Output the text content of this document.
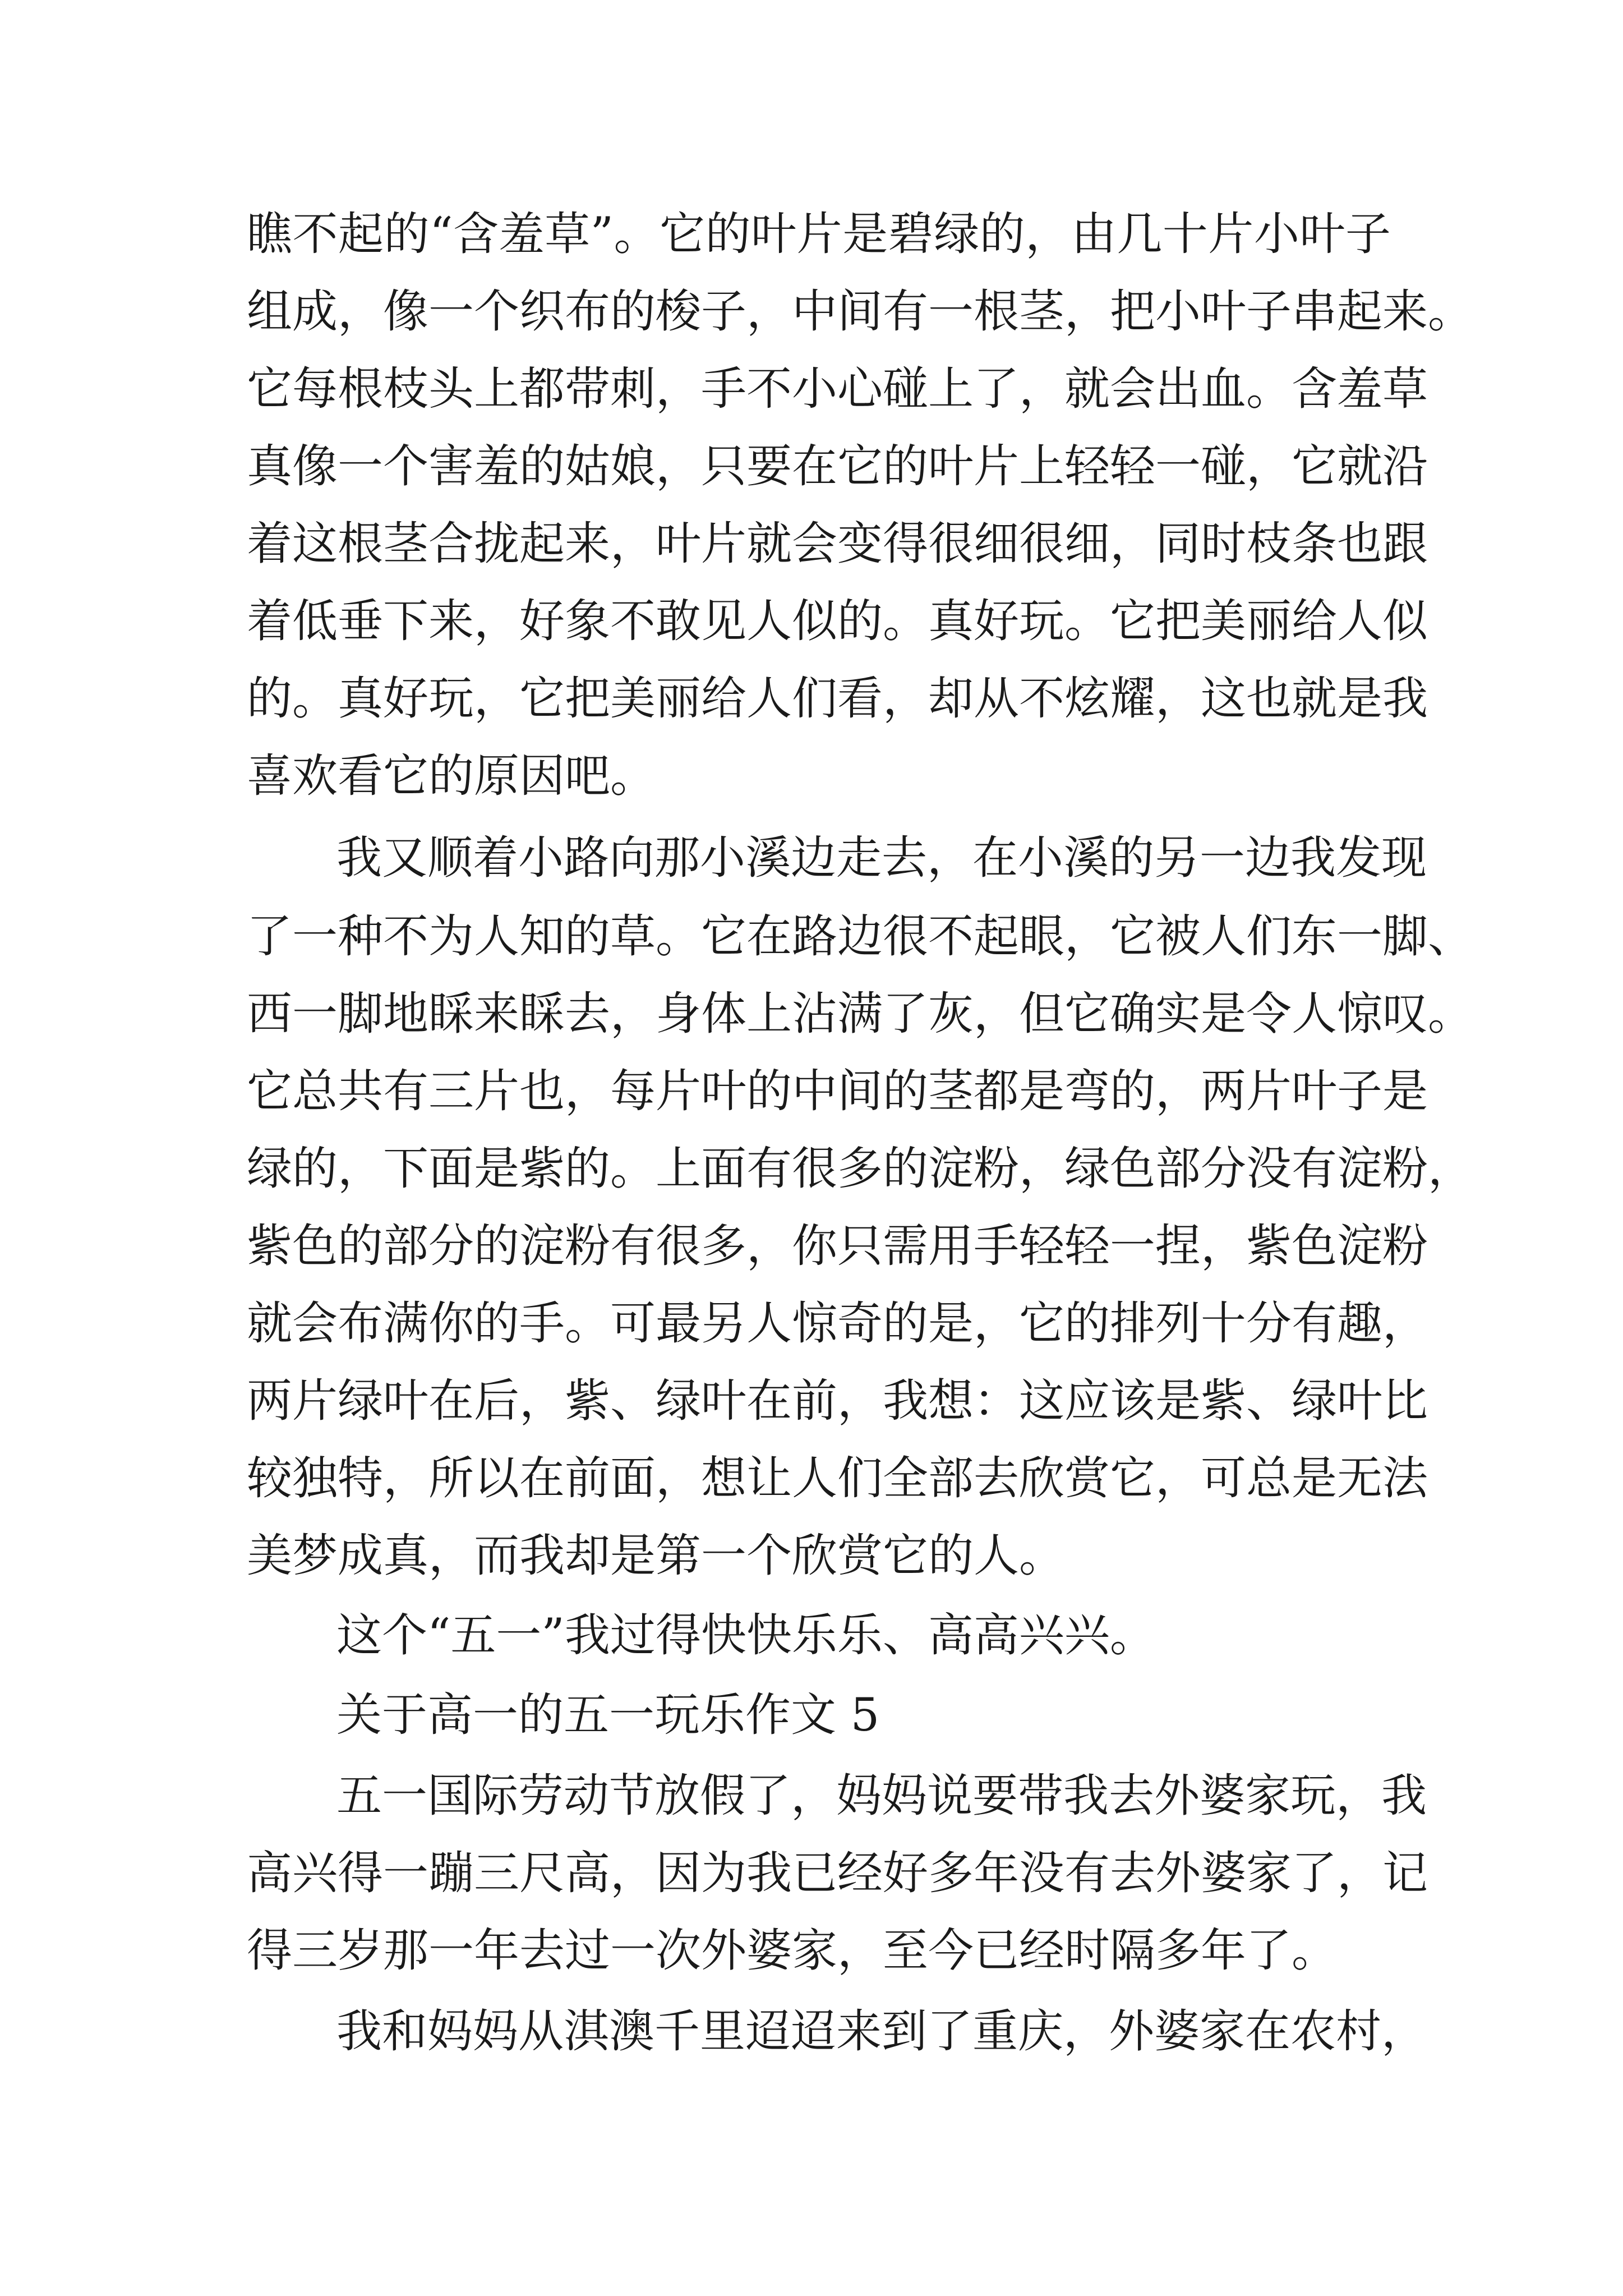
瞧不起的“含羞草”。它的叶片是碧绿的，由几十片小叶子
组成，像一个织布的梭子，中间有一根茎，把小叶子串起来。
它每根枝头上都带刺，手不小心碰上了，就会出血。含羞草
真像一个害羞的姑娘，只要在它的叶片上轻轻一碰，它就沿
着这根茎合拢起来，叶片就会变得很细很细，同时枝条也跟
着低垂下来，好象不敢见人似的。真好玩。它把美丽给人似
的。真好玩，它把美丽给人们看，却从不炫耀，这也就是我
喜欢看它的原因吧。
我又顺着小路向那小溪边走去，在小溪的另一边我发现
了一种不为人知的草。它在路边很不起眼，它被人们东一脚、
西一脚地睬来睬去，身体上沾满了灰，但它确实是令人惊叹。
它总共有三片也，每片叶的中间的茎都是弯的，两片叶子是
绿的，下面是紫的。上面有很多的淀粉，绿色部分没有淀粉，
紫色的部分的淀粉有很多，你只需用手轻轻一捏，紫色淀粉
就会布满你的手。可最另人惊奇的是，它的排列十分有趣，
两片绿叶在后，紫、绿叶在前，我想：这应该是紫、绿叶比
较独特，所以在前面，想让人们全部去欣赏它，可总是无法
美梦成真，而我却是第一个欣赏它的人。
这个“五一”我过得快快乐乐、高高兴兴。
关于高一的五一玩乐作文 5
五一国际劳动节放假了，妈妈说要带我去外婆家玩，我
高兴得一蹦三尺高，因为我已经好多年没有去外婆家了，记
得三岁那一年去过一次外婆家，至今已经时隔多年了。
我和妈妈从淇澳千里迢迢来到了重庆，外婆家在农村，
